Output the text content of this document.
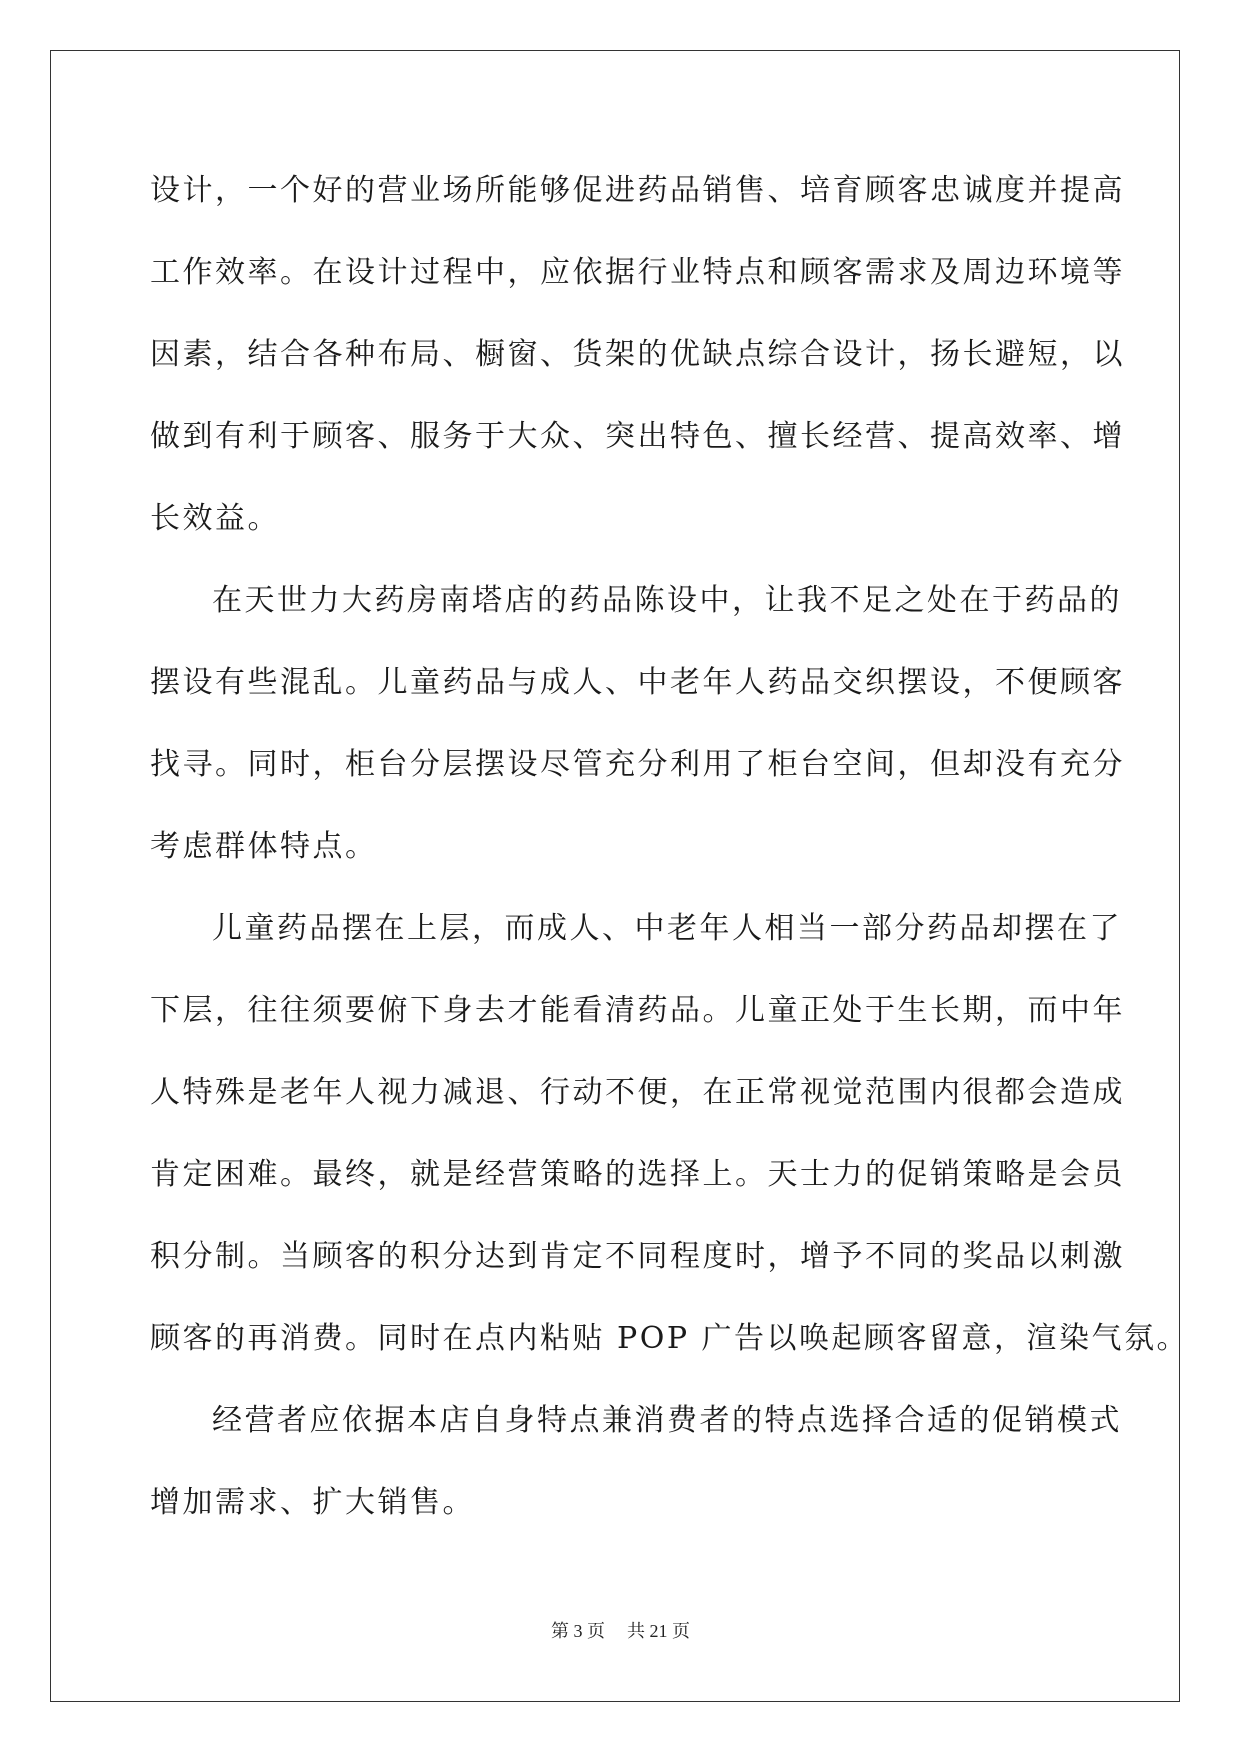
设计，一个好的营业场所能够促进药品销售、培育顾客忠诚度并提高
工作效率。在设计过程中，应依据行业特点和顾客需求及周边环境等
因素，结合各种布局、橱窗、货架的优缺点综合设计，扬长避短，以
做到有利于顾客、服务于大众、突出特色、擅长经营、提高效率、增
长效益。
在天世力大药房南塔店的药品陈设中，让我不足之处在于药品的
摆设有些混乱。儿童药品与成人、中老年人药品交织摆设，不便顾客
找寻。同时，柜台分层摆设尽管充分利用了柜台空间，但却没有充分
考虑群体特点。
儿童药品摆在上层，而成人、中老年人相当一部分药品却摆在了
下层，往往须要俯下身去才能看清药品。儿童正处于生长期，而中年
人特殊是老年人视力减退、行动不便，在正常视觉范围内很都会造成
肯定困难。最终，就是经营策略的选择上。天士力的促销策略是会员
积分制。当顾客的积分达到肯定不同程度时，增予不同的奖品以刺激
顾客的再消费。同时在点内粘贴 POP 广告以唤起顾客留意，渲染气氛。
经营者应依据本店自身特点兼消费者的特点选择合适的促销模式
增加需求、扩大销售。
第 3 页 共 21 页
